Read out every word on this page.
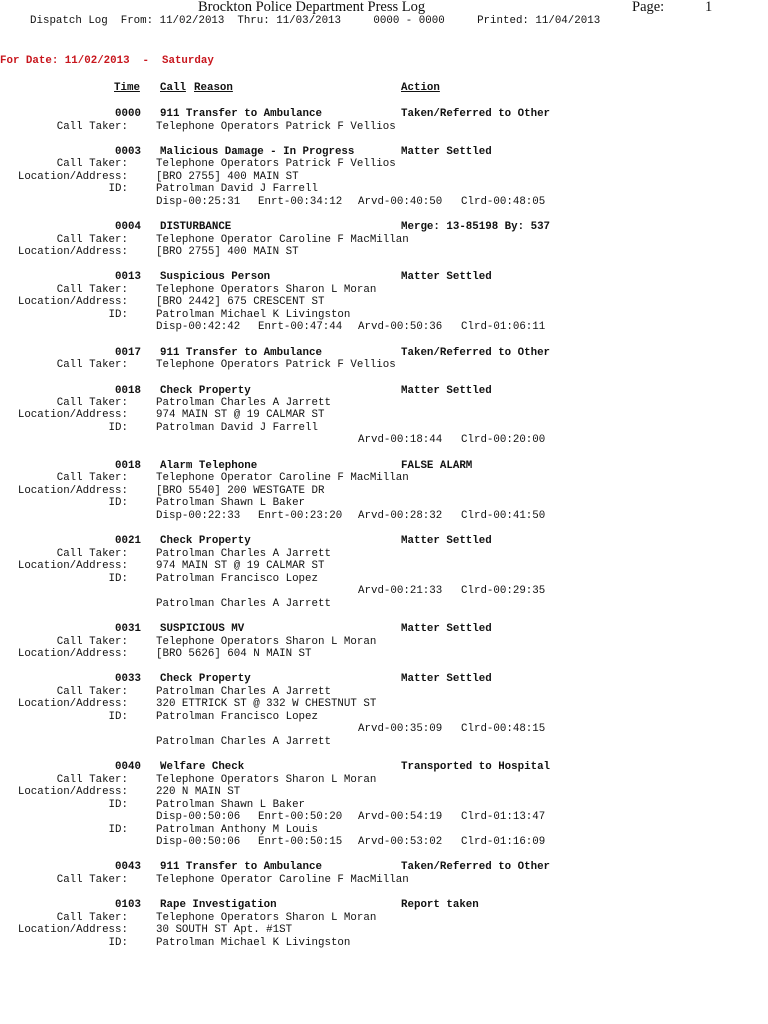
Brockton Police Department Press Log	Page:	1
Dispatch Log  From: 11/02/2013  Thru: 11/03/2013     0000 - 0000     Printed: 11/04/2013
For Date: 11/02/2013  -  Saturday
Time Call Reason	Action
0000 911 Transfer to Ambulance	Taken/Referred to Other
Call Taker:	Telephone Operators Patrick F Vellios
0003 Malicious Damage - In Progress	Matter Settled
Call Taker:	Telephone Operators Patrick F Vellios
Location/Address:	[BRO 2755] 400 MAIN ST
ID:	Patrolman David J Farrell
Disp-00:25:31 Enrt-00:34:12 Arvd-00:40:50 Clrd-00:48:05
0004 DISTURBANCE	Merge: 13-85198 By: 537
Call Taker:	Telephone Operator Caroline F MacMillan
Location/Address:	[BRO 2755] 400 MAIN ST
0013 Suspicious Person	Matter Settled
Call Taker:	Telephone Operators Sharon L Moran
Location/Address:	[BRO 2442] 675 CRESCENT ST
ID:	Patrolman Michael K Livingston
Disp-00:42:42 Enrt-00:47:44 Arvd-00:50:36 Clrd-01:06:11
0017 911 Transfer to Ambulance	Taken/Referred to Other
Call Taker:	Telephone Operators Patrick F Vellios
0018 Check Property	Matter Settled
Call Taker:	Patrolman Charles A Jarrett
Location/Address:	974 MAIN ST @ 19 CALMAR ST
ID:	Patrolman David J Farrell
Arvd-00:18:44 Clrd-00:20:00
0018 Alarm Telephone	FALSE ALARM
Call Taker:	Telephone Operator Caroline F MacMillan
Location/Address:	[BRO 5540] 200 WESTGATE DR
ID:	Patrolman Shawn L Baker
Disp-00:22:33 Enrt-00:23:20 Arvd-00:28:32 Clrd-00:41:50
0021 Check Property	Matter Settled
Call Taker:	Patrolman Charles A Jarrett
Location/Address:	974 MAIN ST @ 19 CALMAR ST
ID:	Patrolman Francisco Lopez
Arvd-00:21:33 Clrd-00:29:35
Patrolman Charles A Jarrett
0031 SUSPICIOUS MV	Matter Settled
Call Taker:	Telephone Operators Sharon L Moran
Location/Address:	[BRO 5626] 604 N MAIN ST
0033 Check Property	Matter Settled
Call Taker:	Patrolman Charles A Jarrett
Location/Address:	320 ETTRICK ST @ 332 W CHESTNUT ST
ID:	Patrolman Francisco Lopez
Arvd-00:35:09 Clrd-00:48:15
Patrolman Charles A Jarrett
0040 Welfare Check	Transported to Hospital
Call Taker:	Telephone Operators Sharon L Moran
Location/Address:	220 N MAIN ST
ID:	Patrolman Shawn L Baker
Disp-00:50:06 Enrt-00:50:20 Arvd-00:54:19 Clrd-01:13:47
ID:	Patrolman Anthony M Louis
Disp-00:50:06 Enrt-00:50:15 Arvd-00:53:02 Clrd-01:16:09
0043 911 Transfer to Ambulance	Taken/Referred to Other
Call Taker:	Telephone Operator Caroline F MacMillan
0103 Rape Investigation	Report taken
Call Taker:	Telephone Operators Sharon L Moran
Location/Address:	30 SOUTH ST Apt. #1ST
ID:	Patrolman Michael K Livingston
